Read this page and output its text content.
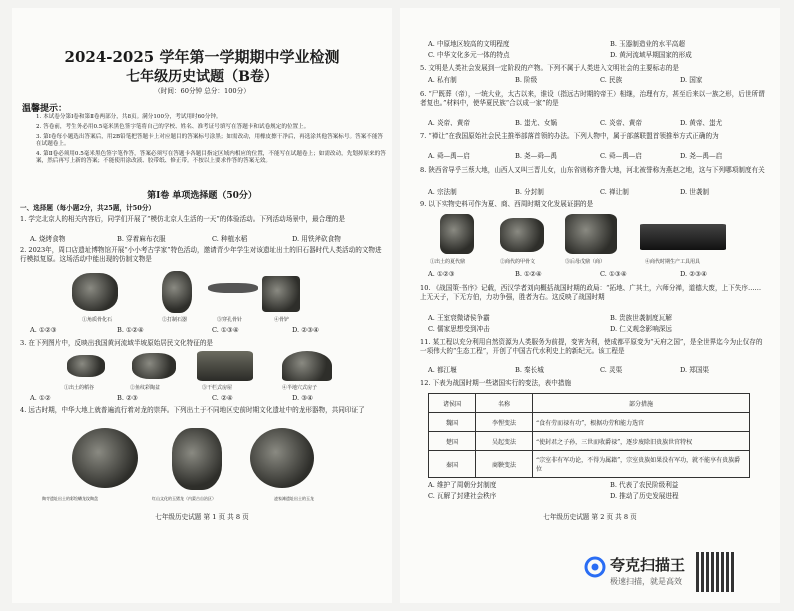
2024-2025 学年第一学期期中学业检测
七年级历史试题（B卷）
（时间：60分钟 总分：100分）
温馨提示：
1. 本试卷分第Ⅰ卷和第Ⅱ卷两部分，共8页。满分100分，考试用时60分钟。
2. 答卷前，考生务必用0.5毫米黑色签字笔将自己的学校、姓名、准考证号填写在答题卡和试卷规定的位置上。
3. 第Ⅰ卷每小题选出答案后，用2B铅笔把答题卡上对应题目的答案标号涂黑；如需改动，用橡皮擦干净后，再选涂其他答案标号。答案不能答在试题卷上。
4. 第Ⅱ卷必须用0.5毫米黑色签字笔作答，答案必须写在答题卡各题目指定区域内相应的位置，不能写在试题卷上；如需改动，先划掉原来的答案，然后再写上新的答案；不能使用涂改液、胶带纸、修正带。不按以上要求作答的答案无效。
第Ⅰ卷 单项选择题（50分）
一、选择题（每小题2分，共25题，计50分）
1. 学完北京人的相关内容后，同学们开展了“模仿北京人生活的一天”的体验活动。下列活动场景中，最合理的是
A. 烧烤食物	B. 穿着麻布衣服	C. 种植水稻	D. 用铁斧砍食物
2. 2023年，周口店遗址博物馆开展“小小考古学家”特色活动，邀请青少年学生对该遗址出土的旧石器时代人类活动的文物进行模拟复原。这场活动中能出现的仿制文物是
①角质骨化石	②打制石器	③穿孔骨针	④骨铲
A. ①②③	B. ①②④	C. ①③④	D. ②③④
3. 在下列图片中，反映出我国黄河流域半坡原始居民文化特征的是
①出土的稻谷	②鱼纹彩陶盆	③干栏式房屋	④半地穴式房子
A. ①②	B. ②③	C. ②④	D. ③④
4. 远古时期，中华大地上就普遍流行着对龙的崇拜。下列出土于不同地区史前时期文化遗址中的龙形器物，共同印证了
陶寺遗址出土的彩绘蟠龙纹陶盘	红山文化的玉猪龙（内蒙古自治区）	凌家滩遗址出土的玉龙
七年级历史试题 第 1 页 共 8 页
A. 中原地区较高的文明程度	B. 玉器制造业的水平高超
C. 中华文化多元一体的特点	D. 黄河流域早期国家的形成
5. 文明是人类社会发展到一定阶段的产物。下列不属于人类进入文明社会的主要标志的是
A. 私有制	B. 阶级	C. 民族	D. 国家
6. “尸既葬（帝），一统大业，太古以来，谁设（指远古时期的帝王）相继，治理有方，甚至后来以一族之形，后世所谓者复也。”材料中，使华夏民族“合以成一家”的是
A. 炎帝、黄帝	B. 蚩尤、女娲	C. 炎帝、黄帝	D. 黄帝、蚩尤
7. “禅让”在我国原始社会民主推举部落首领的办法。下列人物中，属于部落联盟首领推举方式正确的为
A. 舜—禹—启	B. 尧—舜—禹	C. 舜—禹—启	D. 尧—禹—启
8. 陕西省导乎三蔡大地，山西人又叫三晋儿女，山东省则称齐鲁大地，河北被誉称为燕赵之地，这与下列哪项制度有关
A. 宗法制	B. 分封制	C. 禅让制	D. 世袭制
9. 以下实物史料可作为夏、商、西周时期文化发展证据的是
①出土的夏代鼎	②商代的甲骨文	③后母戊鼎（商）	④商代时期生产工具用具
A. ①②③	B. ①②④	C. ①③④	D. ②③④
10. 《战国策·书序》记载，西汉学者刘向概括战国时期的政局：“拓地、广其土，六师分禅，道德大废，上下失序……上无天子，下无方伯，力功争强，胜者为右。这反映了战国时期
A. 王室衰微诸侯争霸	B. 贵族世袭制度瓦解
C. 儒家思想受到冲击	D. 仁义观念影响深远
11. 某工程以充分利用自然资源为人类服务为前提，变害为利，使成都平原变为“天府之国”，是全世界迄今为止仅存的一项伟大的“生态工程”，开创了中国古代水利史上的新纪元。该工程是
A. 都江堰	B. 秦长城	C. 灵渠	D. 郑国渠
12. 下表为战国时期一些诸国实行的变法，表中措施
诸侯国	名称	部分措施
魏国	李悝变法	“食有劳而禄有功”，根据功劳和能力选官
楚国	吴起变法	“使封君之子孙，三世而收爵禄”，逐步废除旧贵族世官特权
秦国	商鞅变法	“宗室非有军功论，不得为属籍”，宗室贵族如果没有军功，就不能享有贵族爵位
A. 维护了周朝分封制度	B. 代表了农民阶级利益
C. 瓦解了封建社会秩序	D. 推动了历史发展进程
七年级历史试题 第 2 页 共 8 页
夸克扫描王
极速扫描，就是高效
